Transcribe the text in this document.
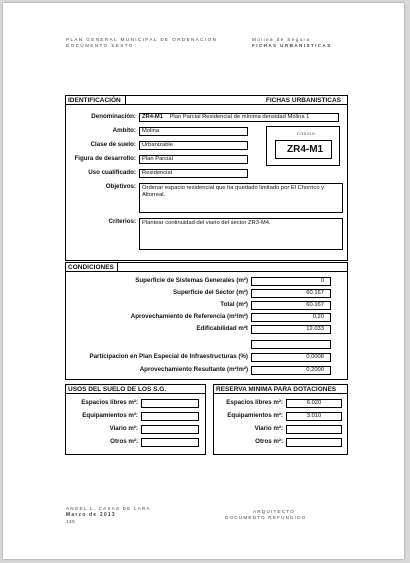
PLAN GENERAL MUNICIPAL DE ORDENACION
DOCUMENTO SEXTO
Molina de Segura
FICHAS URBANISTICAS
IDENTIFICACIÓN	FICHAS URBANISTICAS
Denominación:	ZR4-M1 Plan Parcial Residencial de mínima densidad Molina 1
Ambito:	Molina	CODIGO
ZR4-M1
Clase de suelo:	Urbanizable
Figura de desarrollo:	Plan Parcial
Uso cualificado:	Residencial
Objetivos:	Ordenar espacio residencial que ha quedado limitado por El Chorrico y Altorreal.
Criterios:	Plantear continuidad del viario del sector ZR3-M4.
CONDICIONES
Superficie de Sistemas Generales (m²)	0
Superficie del Sector (m²)	60.167
Total (m²)	60.167
Aprovechamiento de Referencia (m²/m²)	0,20
Edificabilidad m²t	12.033
Participacion en Plan Especial de Infraestructuras (%)	0,0008
Aprovechamiento Resultante (m²/m²)	0,2000
USOS DEL SUELO DE LOS S.G.
Espacios libres m²:
Equipamientos m²:
Viario m²:
Otros m²:
RESERVA MINIMA PARA DOTACIONES
Espacios libres m²:	6.020
Equipamientos m²:	3.010
Viario m²:
Otros m²:
ANGEL L. CASAS DE LARA
Marzo de 2013
135
ARQUITECTO
DOCUMENTO REFUNDIDO
